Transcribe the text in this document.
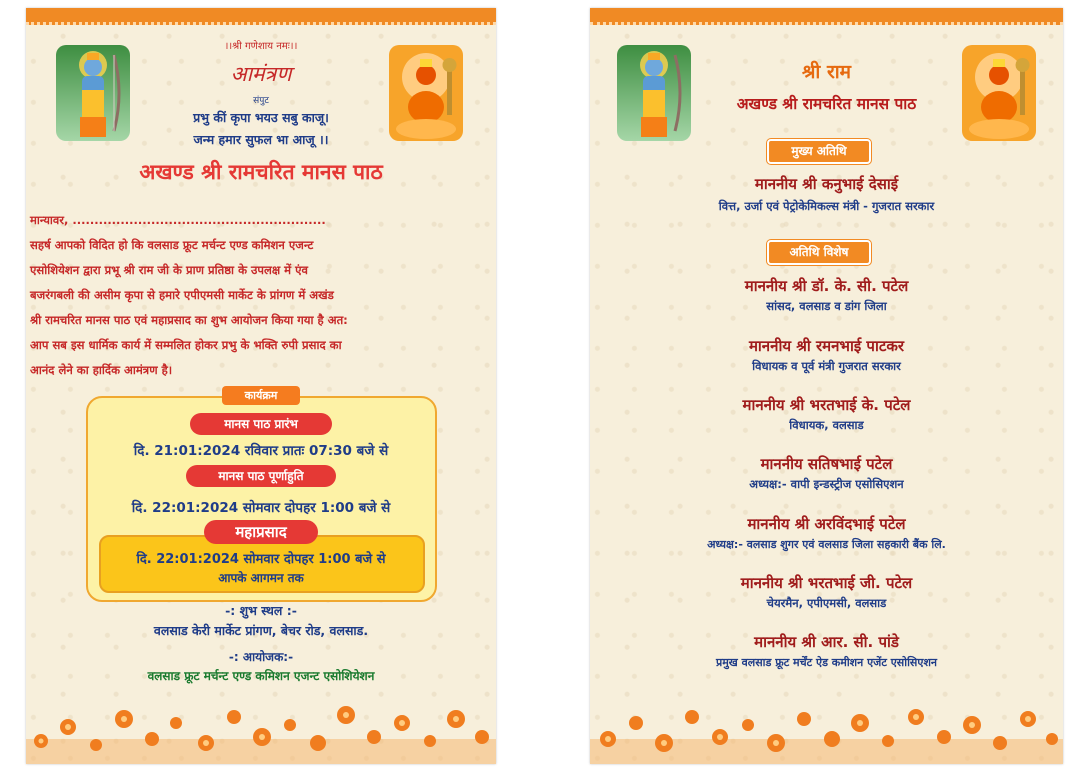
।।श्री गणेशाय नमः।।
आमंत्रण
संपुट
प्रभु कीं कृपा भयउ सबु काजू।
जन्म हमार सुफल भा आजू ।।
अखण्ड श्री रामचरित मानस पाठ
मान्यावर, ..........................................................
सहर्ष आपको विदित हो कि वलसाड फ्रूट मर्चन्ट एण्ड कमिशन एजन्ट
एसोशियेशन द्वारा प्रभू श्री राम जी के प्राण प्रतिष्ठा के उपलक्ष में एंव
बजरंगबली की असीम कृपा से हमारे एपीएमसी मार्केट के प्रांगण में अखंड
श्री रामचरित मानस पाठ एवं महाप्रसाद का शुभ आयोजन किया गया है अत:
आप सब इस धार्मिक कार्य में सम्मलित होकर प्रभु के भक्ति रुपी प्रसाद का
आनंद लेने का हार्दिक आमंत्रण है।
कार्यक्रम
मानस पाठ प्रारंभ
दि. 21:01:2024 रविवार प्रातः 07:30 बजे से
मानस पाठ पूर्णाहुति
दि. 22:01:2024 सोमवार दोपहर 1:00 बजे से
महाप्रसाद
दि. 22:01:2024 सोमवार दोपहर 1:00 बजे से
आपके आगमन तक
-: शुभ स्थल :-
वलसाड केरी मार्केट प्रांगण, बेचर रोड, वलसाड.
-: आयोजक:-
वलसाड फ्रूट मर्चन्ट एण्ड कमिशन एजन्ट एसोशियेशन
श्री राम
अखण्ड श्री रामचरित मानस पाठ
मुख्य अतिथि
माननीय श्री कनुभाई देसाई
वित्त, उर्जा एवं पेट्रोकेमिकल्स मंत्री - गुजरात सरकार
अतिथि विशेष
माननीय श्री डॉ. के. सी. पटेल
सांसद, वलसाड व डांग जिला
माननीय श्री रमनभाई पाटकर
विधायक व पूर्व मंत्री गुजरात सरकार
माननीय श्री भरतभाई के. पटेल
विधायक, वलसाड
माननीय सतिषभाई पटेल
अध्यक्ष:- वापी इन्डस्ट्रीज एसोसिएशन
माननीय श्री अरविंदभाई पटेल
अध्यक्ष:- वलसाड शुगर एवं वलसाड जिला सहकारी बैंक लि.
माननीय श्री भरतभाई जी. पटेल
चेयरमैन, एपीएमसी, वलसाड
माननीय श्री आर. सी. पांडे
प्रमुख वलसाड फ्रूट मर्चेंट ऐड कमीशन एजेंट एसोसिएशन
